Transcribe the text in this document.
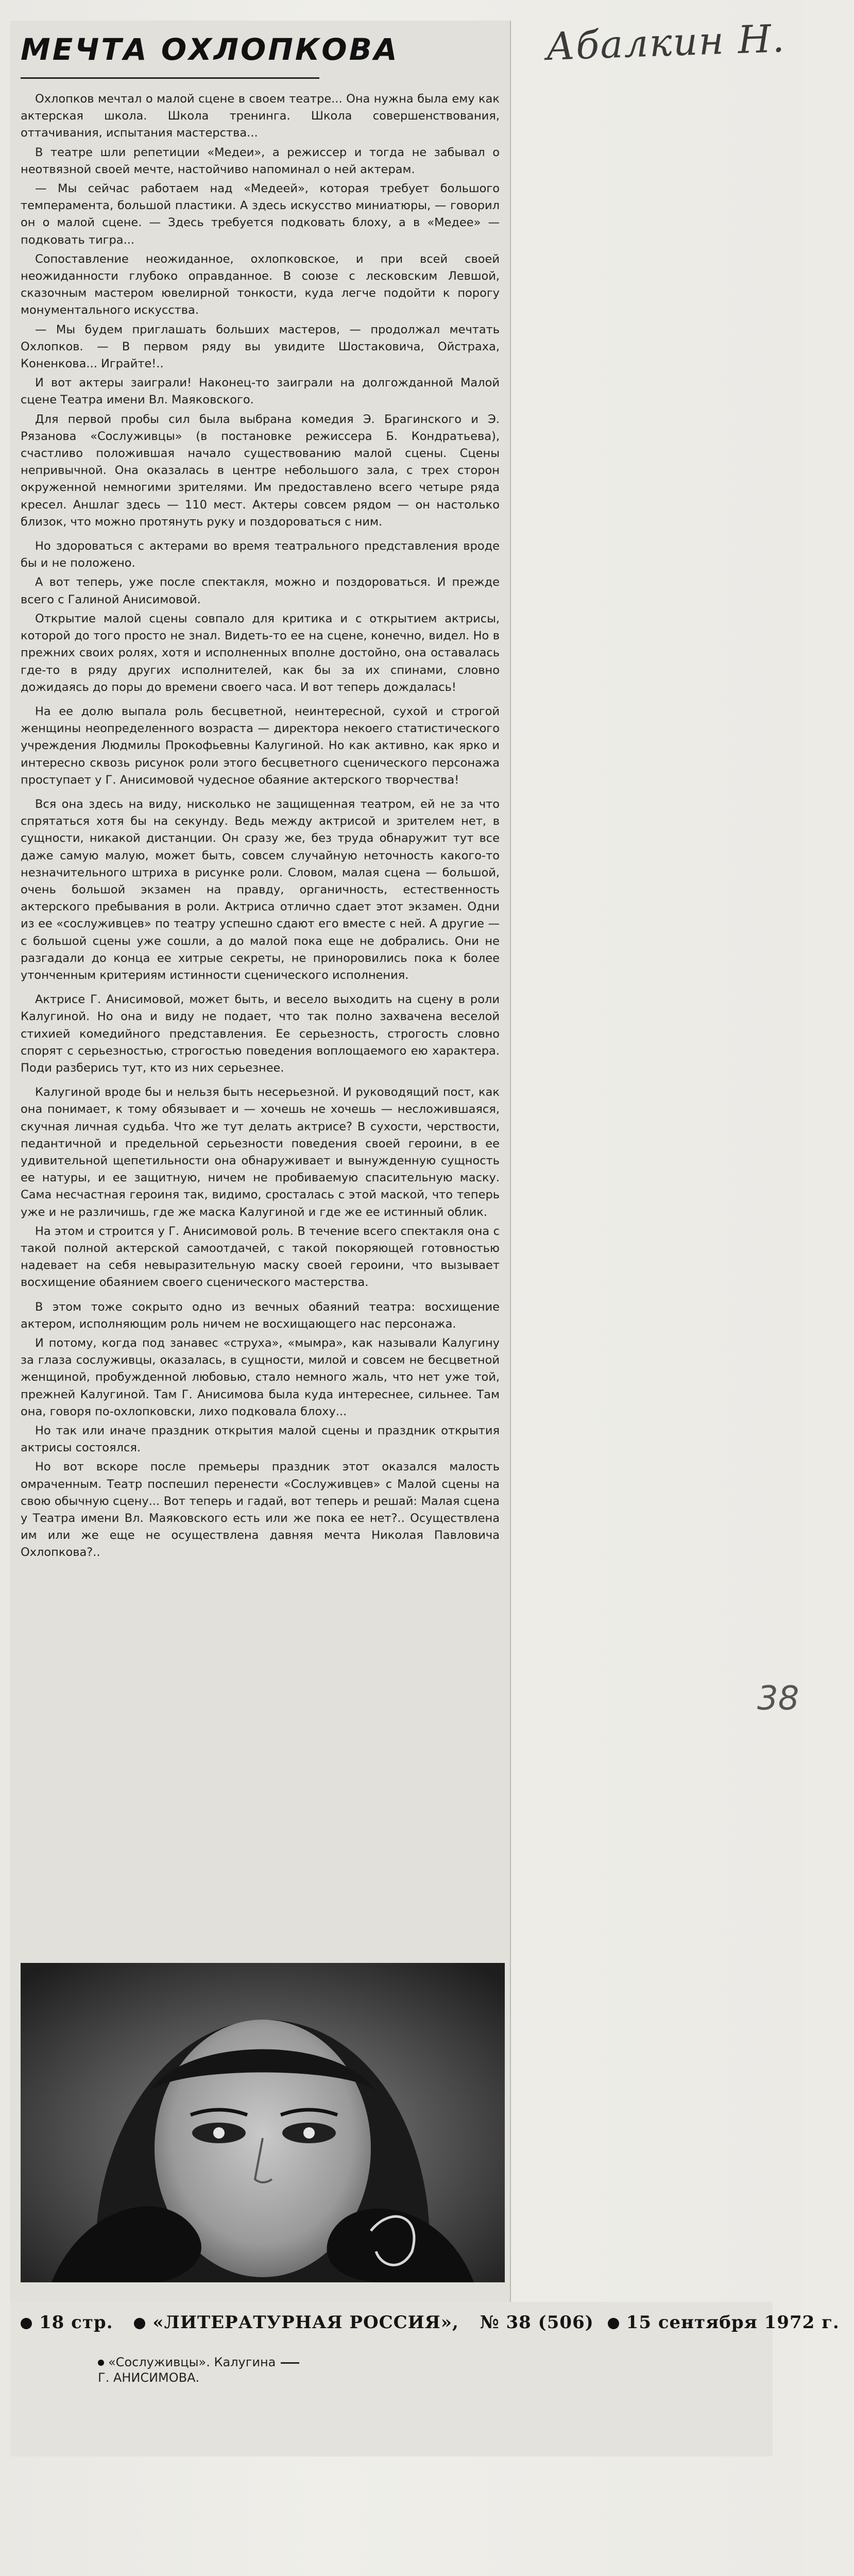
Абалкин Н.
38
МЕЧТА ОХЛОПКОВА

Охлопков мечтал о малой сцене в своем театре... Она нужна была ему как актерская школа. Школа тренинга. Школа совершенствования, оттачивания, испытания мастерства...

В театре шли репетиции «Медеи», а режиссер и тогда не забывал о неотвязной своей мечте, настойчиво напоминал о ней актерам.

— Мы сейчас работаем над «Медеей», которая требует большого темперамента, большой пластики. А здесь искусство миниатюры, — говорил он о малой сцене. — Здесь требуется подковать блоху, а в «Медее» — подковать тигра...

Сопоставление неожиданное, охлопковское, и при всей своей неожиданности глубоко оправданное. В союзе с лесковским Левшой, сказочным мастером ювелирной тонкости, куда легче подойти к порогу монументального искусства.

— Мы будем приглашать больших мастеров, — продолжал мечтать Охлопков. — В первом ряду вы увидите Шостаковича, Ойстраха, Коненкова... Играйте!..

И вот актеры заиграли! Наконец-то заиграли на долгожданной Малой сцене Театра имени Вл. Маяковского.

Для первой пробы сил была выбрана комедия Э. Брагинского и Э. Рязанова «Сослуживцы» (в постановке режиссера Б. Кондратьева), счастливо положившая начало существованию малой сцены. Сцены непривычной. Она оказалась в центре небольшого зала, с трех сторон окруженной немногими зрителями. Им предоставлено всего четыре ряда кресел. Аншлаг здесь — 110 мест. Актеры совсем рядом — он настолько близок, что можно протянуть руку и поздороваться с ним.

Но здороваться с актерами во время театрального представления вроде бы и не положено.

А вот теперь, уже после спектакля, можно и поздороваться. И прежде всего с Галиной Анисимовой.

Открытие малой сцены совпало для критика и с открытием актрисы, которой до того просто не знал. Видеть-то ее на сцене, конечно, видел. Но в прежних своих ролях, хотя и исполненных вполне достойно, она оставалась где-то в ряду других исполнителей, как бы за их спинами, словно дожидаясь до поры до времени своего часа. И вот теперь дождалась!

На ее долю выпала роль бесцветной, неинтересной, сухой и строгой женщины неопределенного возраста — директора некоего статистического учреждения Людмилы Прокофьевны Калугиной. Но как активно, как ярко и интересно сквозь рисунок роли этого бесцветного сценического персонажа проступает у Г. Анисимовой чудесное обаяние актерского творчества!

Вся она здесь на виду, нисколько не защищенная театром, ей не за что спрятаться хотя бы на секунду. Ведь между актрисой и зрителем нет, в сущности, никакой дистанции. Он сразу же, без труда обнаружит тут все даже самую малую, может быть, совсем случайную неточность какого-то незначительного штриха в рисунке роли. Словом, малая сцена — большой, очень большой экзамен на правду, органичность, естественность актерского пребывания в роли. Актриса отлично сдает этот экзамен. Одни из ее «сослуживцев» по театру успешно сдают его вместе с ней. А другие — с большой сцены уже сошли, а до малой пока еще не добрались. Они не разгадали до конца ее хитрые секреты, не приноровились пока к более утонченным критериям истинности сценического исполнения.

Актрисе Г. Анисимовой, может быть, и весело выходить на сцену в роли Калугиной. Но она и виду не подает, что так полно захвачена веселой стихией комедийного представления. Ее серьезность, строгость словно спорят с серьезностью, строгостью поведения воплощаемого ею характера. Поди разберись тут, кто из них серьезнее.

Калугиной вроде бы и нельзя быть несерьезной. И руководящий пост, как она понимает, к тому обязывает и — хочешь не хочешь — несложившаяся, скучная личная судьба. Что же тут делать актрисе? В сухости, черствости, педантичной и предельной серьезности поведения своей героини, в ее удивительной щепетильности она обнаруживает и вынужденную сущность ее натуры, и ее защитную, ничем не пробиваемую спасительную маску. Сама несчастная героиня так, видимо, сросталась с этой маской, что теперь уже и не различишь, где же маска Калугиной и где же ее истинный облик.

На этом и строится у Г. Анисимовой роль. В течение всего спектакля она с такой полной актерской самоотдачей, с такой покоряющей готовностью надевает на себя невыразительную маску своей героини, что вызывает восхищение обаянием своего сценического мастерства.

В этом тоже сокрыто одно из вечных обаяний театра: восхищение актером, исполняющим роль ничем не восхищающего нас персонажа.

И потому, когда под занавес «струха», «мымра», как называли Калугину за глаза сослуживцы, оказалась, в сущности, милой и совсем не бесцветной женщиной, пробужденной любовью, стало немного жаль, что нет уже той, прежней Калугиной. Там Г. Анисимова была куда интереснее, сильнее. Там она, говоря по-охлопковски, лихо подковала блоху...

Но так или иначе праздник открытия малой сцены и праздник открытия актрисы состоялся.

Но вот вскоре после премьеры праздник этот оказался малость омраченным. Театр поспешил перенести «Сослуживцев» с Малой сцены на свою обычную сцену... Вот теперь и гадай, вот теперь и решай: Малая сцена у Театра имени Вл. Маяковского есть или же пока ее нет?.. Осуществлена им или же еще не осуществлена давняя мечта Николая Павловича Охлопкова?..

18 стр. «ЛИТЕРАТУРНАЯ РОССИЯ», № 38 (506) 15 сентября 1972 г.
«Сослуживцы». Калугина
Г. АНИСИМОВА.
